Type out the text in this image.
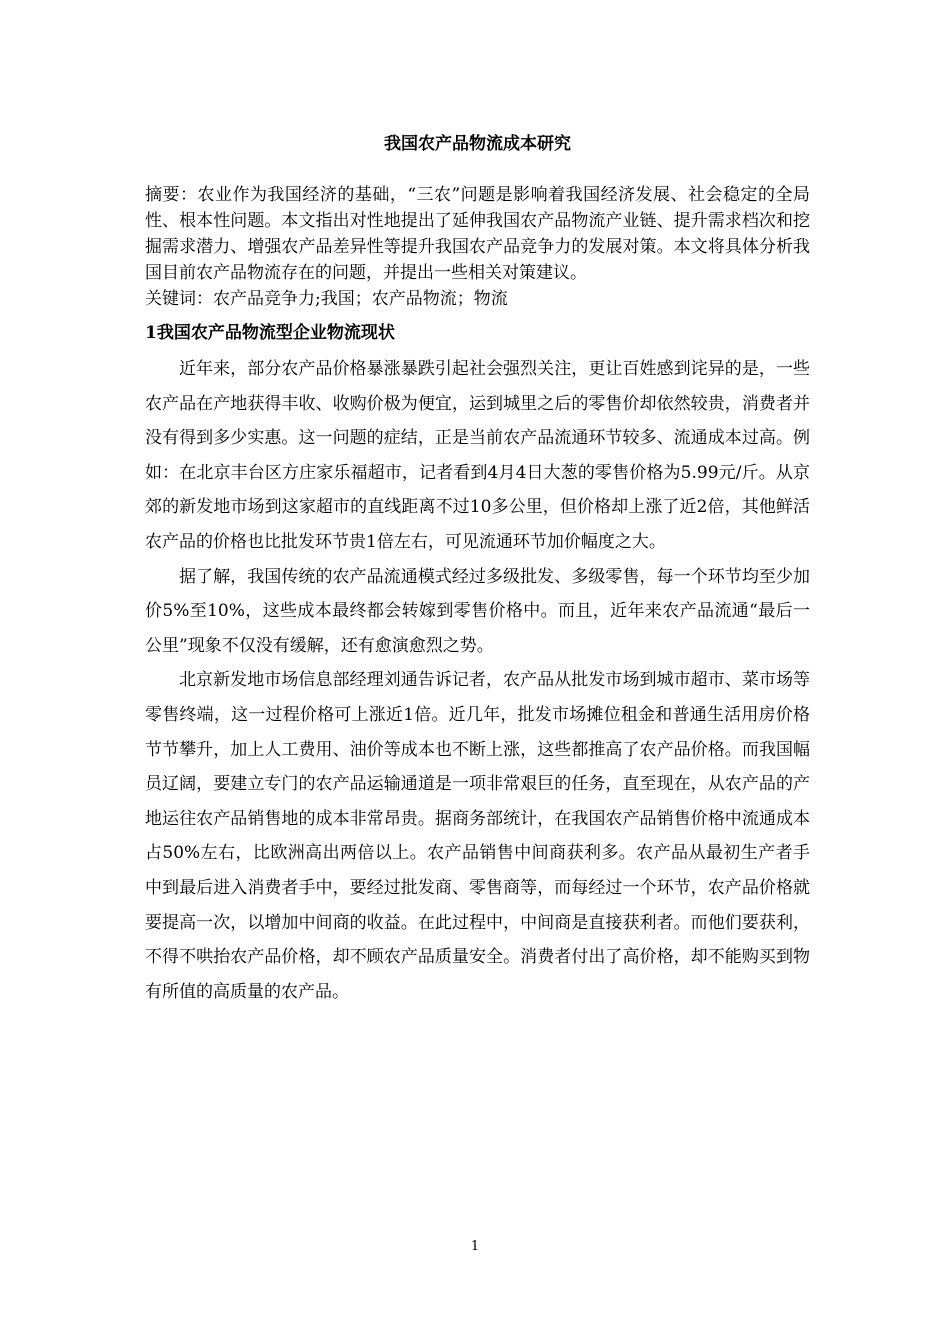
我国农产品物流成本研究

摘要：农业作为我国经济的基础，“三农”问题是影响着我国经济发展、社会稳定的全局性、根本性问题。本文指出对性地提出了延伸我国农产品物流产业链、提升需求档次和挖掘需求潜力、增强农产品差异性等提升我国农产品竞争力的发展对策。本文将具体分析我国目前农产品物流存在的问题，并提出一些相关对策建议。

关键词：农产品竞争力;我国；农产品物流；物流

1我国农产品物流型企业物流现状

近年来，部分农产品价格暴涨暴跌引起社会强烈关注，更让百姓感到诧异的是，一些农产品在产地获得丰收、收购价极为便宜，运到城里之后的零售价却依然较贵，消费者并没有得到多少实惠。这一问题的症结，正是当前农产品流通环节较多、流通成本过高。例如：在北京丰台区方庄家乐福超市，记者看到4月4日大葱的零售价格为5.99元/斤。从京郊的新发地市场到这家超市的直线距离不过10多公里，但价格却上涨了近2倍，其他鲜活农产品的价格也比批发环节贵1倍左右，可见流通环节加价幅度之大。

据了解，我国传统的农产品流通模式经过多级批发、多级零售，每一个环节均至少加价5%至10%，这些成本最终都会转嫁到零售价格中。而且，近年来农产品流通“最后一公里”现象不仅没有缓解，还有愈演愈烈之势。

北京新发地市场信息部经理刘通告诉记者，农产品从批发市场到城市超市、菜市场等零售终端，这一过程价格可上涨近1倍。近几年，批发市场摊位租金和普通生活用房价格节节攀升，加上人工费用、油价等成本也不断上涨，这些都推高了农产品价格。而我国幅员辽阔，要建立专门的农产品运输通道是一项非常艰巨的任务，直至现在，从农产品的产地运往农产品销售地的成本非常昂贵。据商务部统计，在我国农产品销售价格中流通成本占50%左右，比欧洲高出两倍以上。农产品销售中间商获利多。农产品从最初生产者手中到最后进入消费者手中，要经过批发商、零售商等，而每经过一个环节，农产品价格就要提高一次，以增加中间商的收益。在此过程中，中间商是直接获利者。而他们要获利，不得不哄抬农产品价格，却不顾农产品质量安全。消费者付出了高价格，却不能购买到物有所值的高质量的农产品。

1
